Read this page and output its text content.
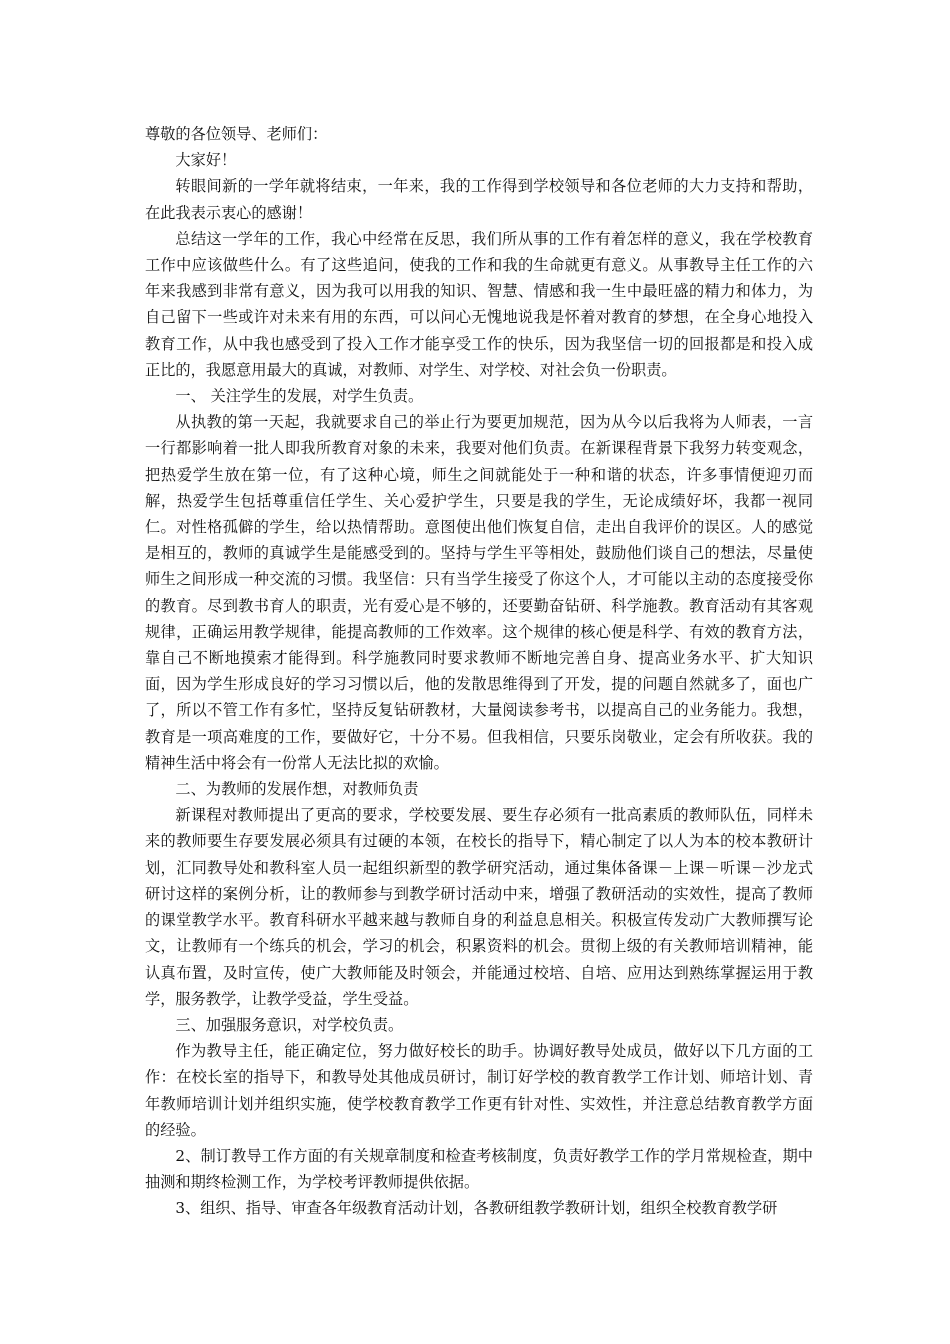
尊敬的各位领导、老师们：

大家好！

转眼间新的一学年就将结束，一年来，我的工作得到学校领导和各位老师的大力支持和帮助，在此我表示衷心的感谢！

总结这一学年的工作，我心中经常在反思，我们所从事的工作有着怎样的意义，我在学校教育工作中应该做些什么。有了这些追问，使我的工作和我的生命就更有意义。从事教导主任工作的六年来我感到非常有意义，因为我可以用我的知识、智慧、情感和我一生中最旺盛的精力和体力，为自己留下一些或许对未来有用的东西，可以问心无愧地说我是怀着对教育的梦想，在全身心地投入教育工作，从中我也感受到了投入工作才能享受工作的快乐，因为我坚信一切的回报都是和投入成正比的，我愿意用最大的真诚，对教师、对学生、对学校、对社会负一份职责。

一、 关注学生的发展，对学生负责。

从执教的第一天起，我就要求自己的举止行为要更加规范，因为从今以后我将为人师表，一言一行都影响着一批人即我所教育对象的未来，我要对他们负责。在新课程背景下我努力转变观念，把热爱学生放在第一位，有了这种心境，师生之间就能处于一种和谐的状态，许多事情便迎刃而解，热爱学生包括尊重信任学生、关心爱护学生，只要是我的学生，无论成绩好坏，我都一视同仁。对性格孤僻的学生，给以热情帮助。意图使出他们恢复自信，走出自我评价的误区。人的感觉是相互的，教师的真诚学生是能感受到的。坚持与学生平等相处，鼓励他们谈自己的想法，尽量使师生之间形成一种交流的习惯。我坚信：只有当学生接受了你这个人，才可能以主动的态度接受你的教育。尽到教书育人的职责，光有爱心是不够的，还要勤奋钻研、科学施教。教育活动有其客观规律，正确运用教学规律，能提高教师的工作效率。这个规律的核心便是科学、有效的教育方法，靠自己不断地摸索才能得到。科学施教同时要求教师不断地完善自身、提高业务水平、扩大知识面，因为学生形成良好的学习习惯以后，他的发散思维得到了开发，提的问题自然就多了，面也广了，所以不管工作有多忙，坚持反复钻研教材，大量阅读参考书，以提高自己的业务能力。我想，教育是一项高难度的工作，要做好它，十分不易。但我相信，只要乐岗敬业，定会有所收获。我的精神生活中将会有一份常人无法比拟的欢愉。

二、为教师的发展作想，对教师负责

新课程对教师提出了更高的要求，学校要发展、要生存必须有一批高素质的教师队伍，同样未来的教师要生存要发展必须具有过硬的本领，在校长的指导下，精心制定了以人为本的校本教研计划，汇同教导处和教科室人员一起组织新型的教学研究活动，通过集体备课－上课－听课－沙龙式研讨这样的案例分析，让的教师参与到教学研讨活动中来，增强了教研活动的实效性，提高了教师的课堂教学水平。教育科研水平越来越与教师自身的利益息息相关。积极宣传发动广大教师撰写论文，让教师有一个练兵的机会，学习的机会，积累资料的机会。贯彻上级的有关教师培训精神，能认真布置，及时宣传，使广大教师能及时领会，并能通过校培、自培、应用达到熟练掌握运用于教学，服务教学，让教学受益，学生受益。

三、加强服务意识，对学校负责。

作为教导主任，能正确定位，努力做好校长的助手。协调好教导处成员，做好以下几方面的工作：在校长室的指导下，和教导处其他成员研讨，制订好学校的教育教学工作计划、师培计划、青年教师培训计划并组织实施，使学校教育教学工作更有针对性、实效性，并注意总结教育教学方面的经验。

2、制订教导工作方面的有关规章制度和检查考核制度，负责好教学工作的学月常规检查，期中抽测和期终检测工作，为学校考评教师提供依据。

3、组织、指导、审查各年级教育活动计划，各教研组教学教研计划，组织全校教育教学研
